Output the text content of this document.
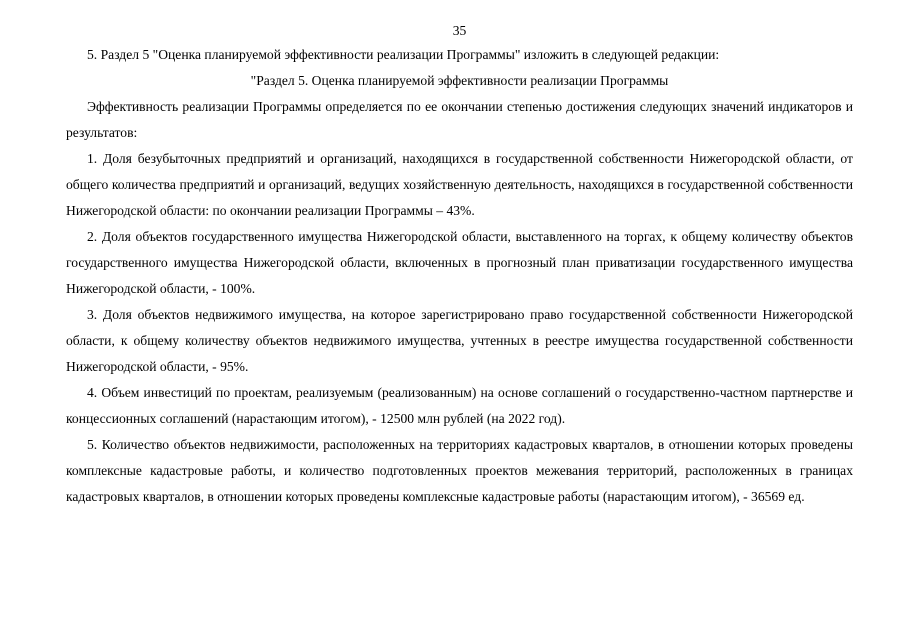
35

5. Раздел 5 "Оценка планируемой эффективности реализации Программы" изложить в следующей редакции:

"Раздел 5. Оценка планируемой эффективности реализации Программы

Эффективность реализации Программы определяется по ее окончании степенью достижения следующих значений индикаторов и результатов:

1. Доля безубыточных предприятий и организаций, находящихся в государственной собственности Нижегородской области, от общего количества предприятий и организаций, ведущих хозяйственную деятельность, находящихся в государственной собственности Нижегородской области: по окончании реализации Программы – 43%.

2. Доля объектов государственного имущества Нижегородской области, выставленного на торгах, к общему количеству объектов государственного имущества Нижегородской области, включенных в прогнозный план приватизации государственного имущества Нижегородской области, - 100%.

3. Доля объектов недвижимого имущества, на которое зарегистрировано право государственной собственности Нижегородской области, к общему количеству объектов недвижимого имущества, учтенных в реестре имущества государственной собственности Нижегородской области, - 95%.

4. Объем инвестиций по проектам, реализуемым (реализованным) на основе соглашений о государственно-частном партнерстве и концессионных соглашений (нарастающим итогом), - 12500 млн рублей (на 2022 год).

5. Количество объектов недвижимости, расположенных на территориях кадастровых кварталов, в отношении которых проведены комплексные кадастровые работы, и количество подготовленных проектов межевания территорий, расположенных в границах кадастровых кварталов, в отношении которых проведены комплексные кадастровые работы (нарастающим итогом), - 36569 ед.
